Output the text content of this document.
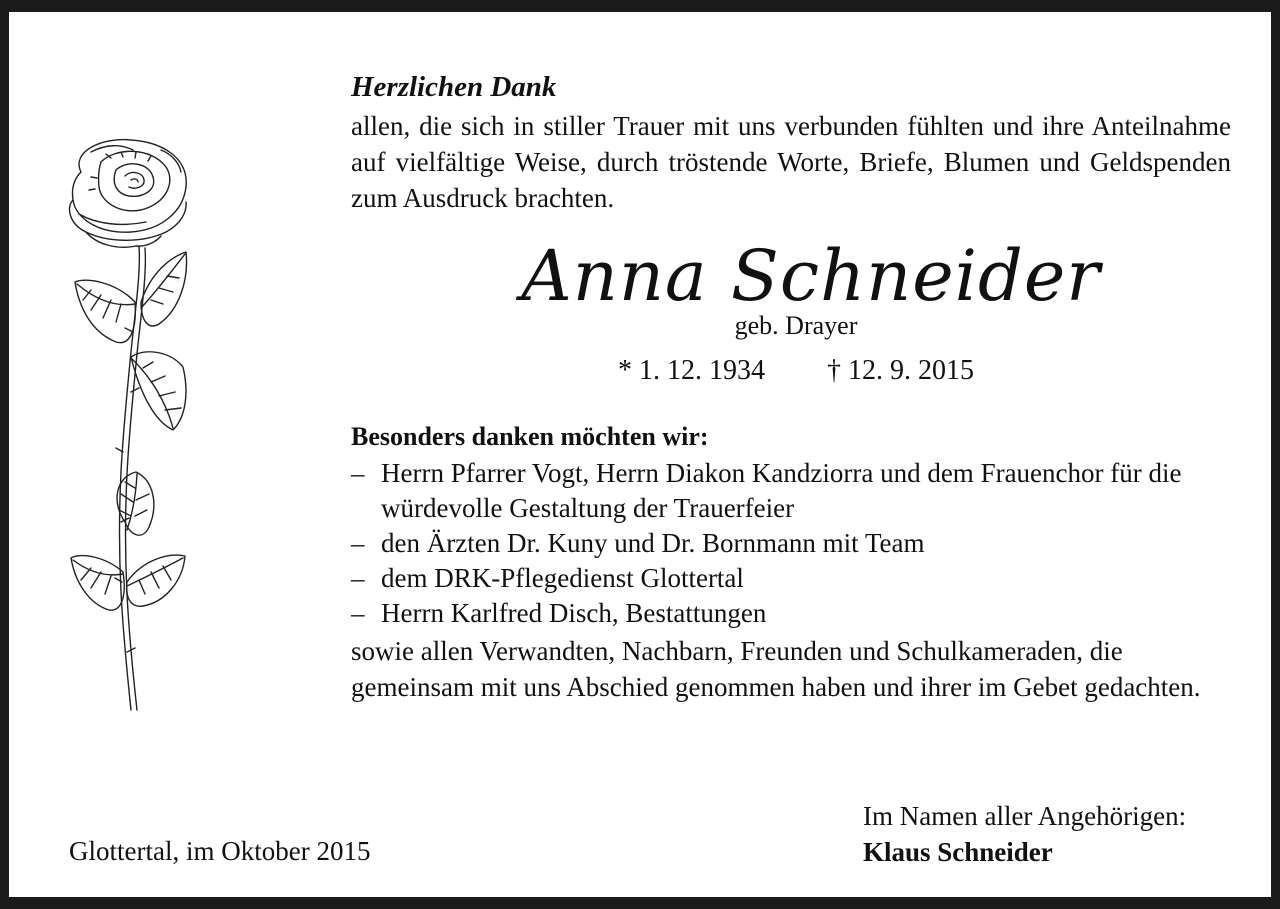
Herzlichen Dank

allen, die sich in stiller Trauer mit uns verbunden fühlten und ihre Anteilnahme auf vielfältige Weise, durch tröstende Worte, Briefe, Blumen und Geldspenden zum Ausdruck brachten.

Anna Schneider
geb. Drayer
* 1. 12. 1934 † 12. 9. 2015
Besonders danken möchten wir:
– Herrn Pfarrer Vogt, Herrn Diakon Kandziorra und dem Frauenchor für die würdevolle Gestaltung der Trauerfeier
– den Ärzten Dr. Kuny und Dr. Bornmann mit Team
– dem DRK-Pflegedienst Glottertal
– Herrn Karlfred Disch, Bestattungen

sowie allen Verwandten, Nachbarn, Freunden und Schulkameraden, die gemeinsam mit uns Abschied genommen haben und ihrer im Gebet gedachten.

Glottertal, im Oktober 2015
Im Namen aller Angehörigen:
Klaus Schneider
